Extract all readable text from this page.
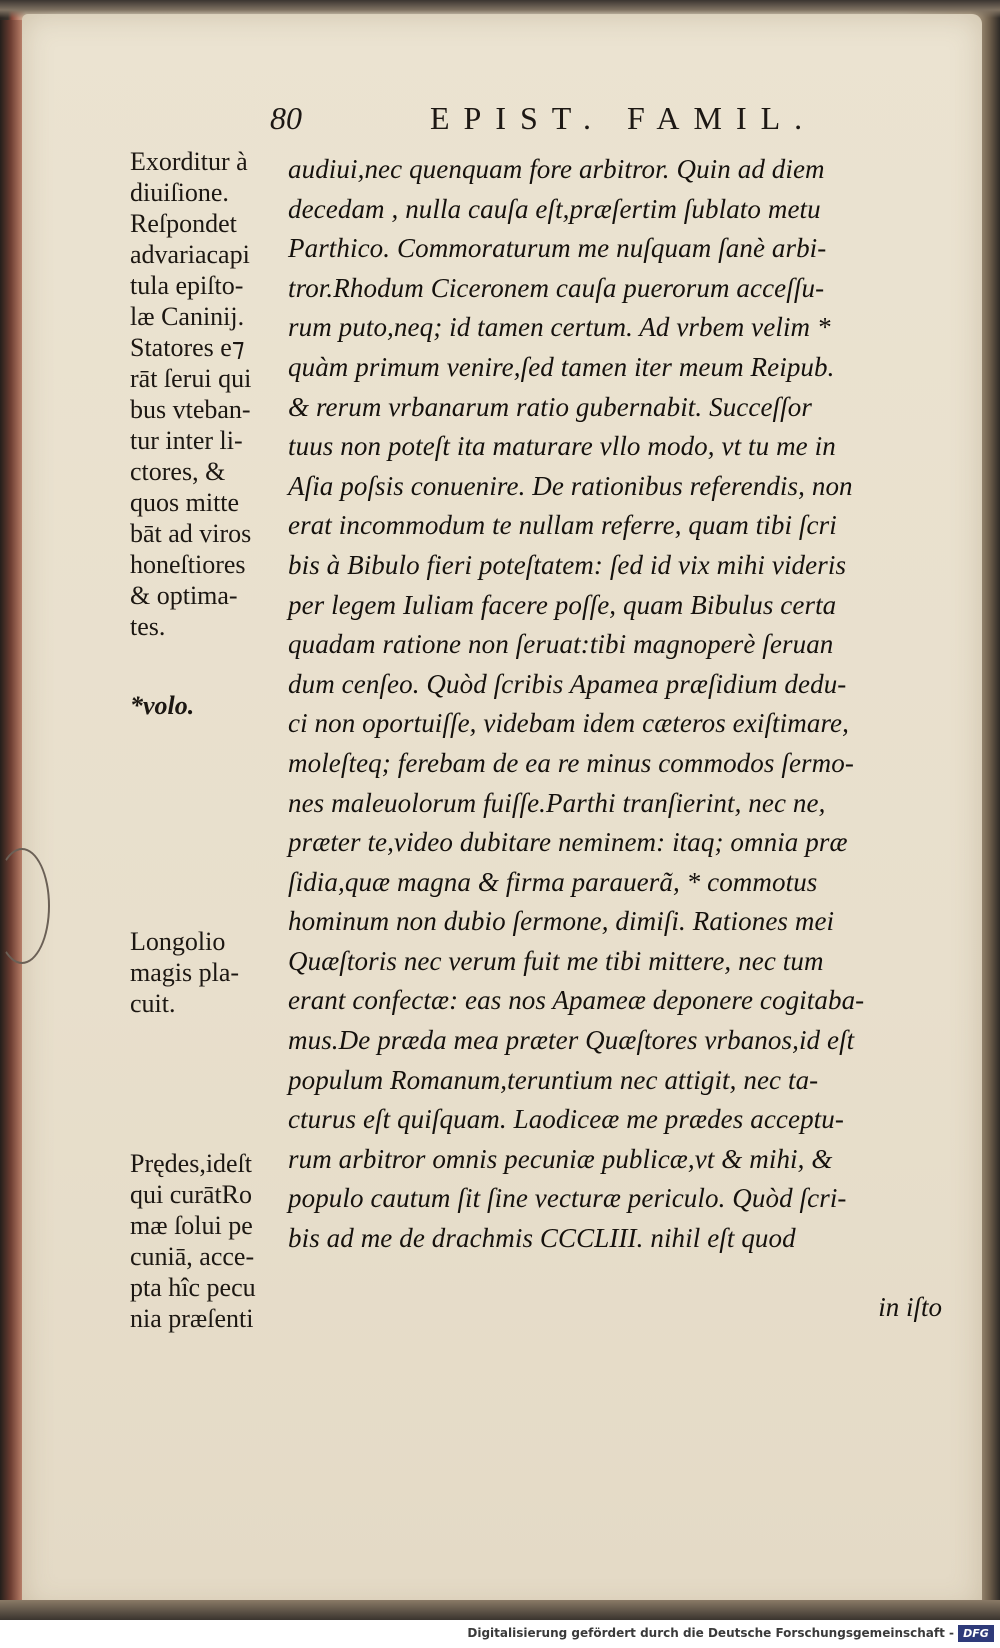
80	EPIST. FAMIL.
Exorditur à
diuiſione.
Reſpondet
advariacapi
tula epiſto-
læ Caninij.
Statores e⁊
rāt ſerui qui
bus vteban-
tur inter li-
ctores, &
quos mitte
bāt ad viros
honeſtiores
& optima-
tes.
*volo.
Longolio
magis pla-
cuit.
Prędes,ideſt
qui curātRo
mæ ſolui pe
cuniā, acce-
pta hîc pecu
nia præſenti
audiui,nec quenquam fore arbitror. Quin ad diem
decedam , nulla cauſa eſt,præſertim ſublato metu
Parthico. Commoraturum me nuſquam ſanè arbi-
tror.Rhodum Ciceronem cauſa puerorum acceſſu-
rum puto,neq; id tamen certum. Ad vrbem velim *
quàm primum venire,ſed tamen iter meum Reipub.
& rerum vrbanarum ratio gubernabit. Succeſſor
tuus non poteſt ita maturare vllo modo, vt tu me in
Aſia poſsis conuenire. De rationibus referendis, non
erat incommodum te nullam referre, quam tibi ſcri
bis à Bibulo fieri poteſtatem: ſed id vix mihi videris
per legem Iuliam facere poſſe, quam Bibulus certa
quadam ratione non ſeruat:tibi magnoperè ſeruan
dum cenſeo. Quòd ſcribis Apamea præſidium dedu-
ci non oportuiſſe, videbam idem cæteros exiſtimare,
moleſteq; ferebam de ea re minus commodos ſermo-
nes maleuolorum fuiſſe.Parthi tranſierint, nec ne,
præter te,video dubitare neminem: itaq; omnia præ
ſidia,quæ magna & firma parauerã, * commotus
hominum non dubio ſermone, dimiſi. Rationes mei
Quæſtoris nec verum fuit me tibi mittere, nec tum
erant confectæ: eas nos Apameæ deponere cogitaba-
mus.De præda mea præter Quæſtores vrbanos,id eſt
populum Romanum,teruntium nec attigit, nec ta-
cturus eſt quiſquam. Laodiceæ me prædes acceptu-
rum arbitror omnis pecuniæ publicæ,vt & mihi, &
populo cautum ſit ſine vecturæ periculo. Quòd ſcri-
bis ad me de drachmis CCCLIII. nihil eſt quod
in iſto
Digitalisierung gefördert durch die Deutsche Forschungsgemeinschaft - DFG
